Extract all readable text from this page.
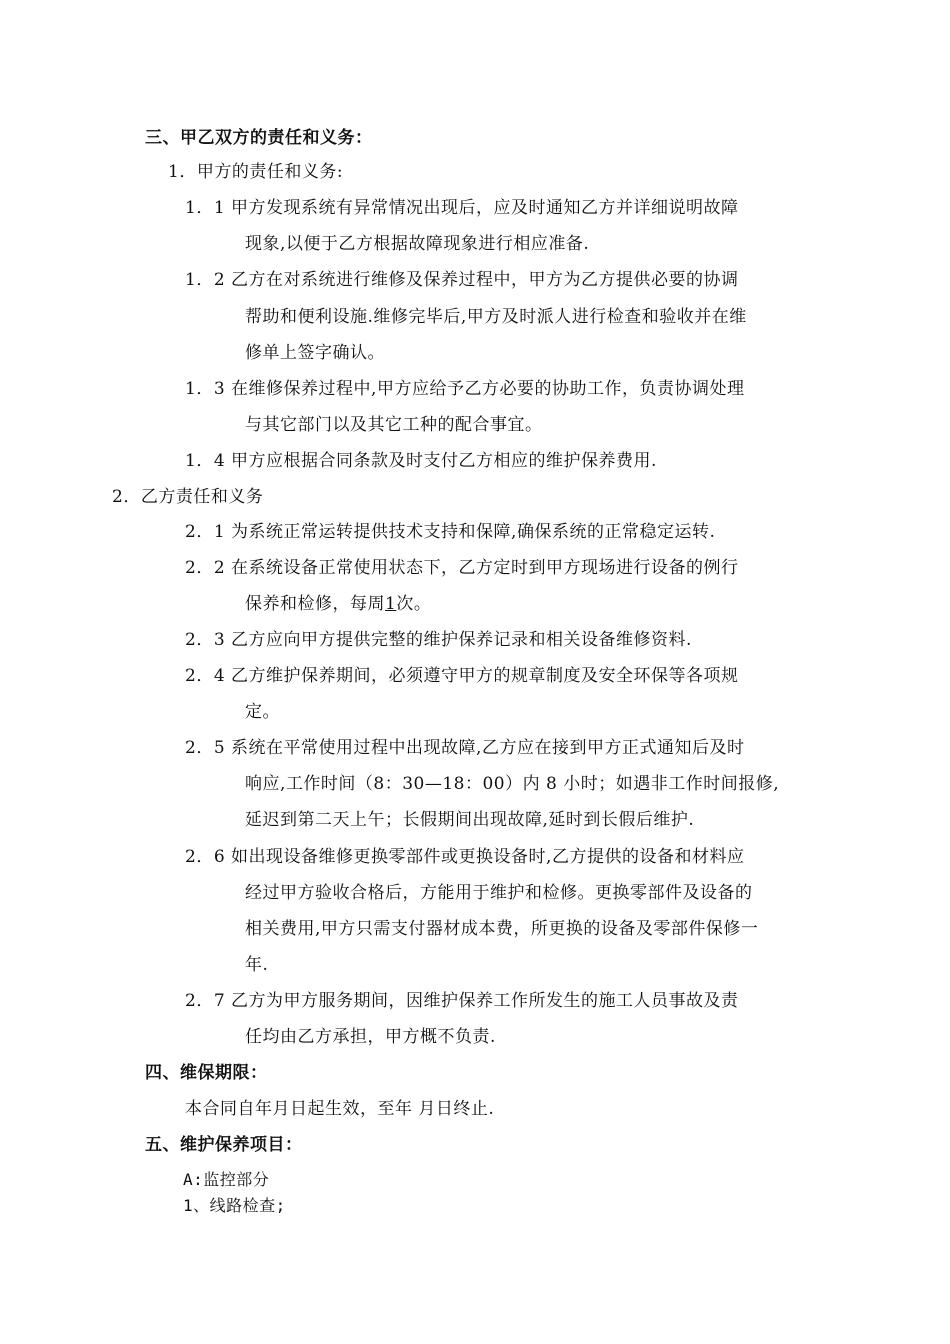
三、甲乙双方的责任和义务：
1．甲方的责任和义务:
1．1 甲方发现系统有异常情况出现后，应及时通知乙方并详细说明故障
现象,以便于乙方根据故障现象进行相应准备.
1．2 乙方在对系统进行维修及保养过程中，甲方为乙方提供必要的协调
帮助和便利设施.维修完毕后,甲方及时派人进行检查和验收并在维
修单上签字确认。
1．3 在维修保养过程中,甲方应给予乙方必要的协助工作，负责协调处理
与其它部门以及其它工种的配合事宜。
1．4 甲方应根据合同条款及时支付乙方相应的维护保养费用.
2．乙方责任和义务
2．1 为系统正常运转提供技术支持和保障,确保系统的正常稳定运转.
2．2 在系统设备正常使用状态下，乙方定时到甲方现场进行设备的例行
保养和检修，每周1次。
2．3 乙方应向甲方提供完整的维护保养记录和相关设备维修资料.
2．4 乙方维护保养期间，必须遵守甲方的规章制度及安全环保等各项规
定。
2．5 系统在平常使用过程中出现故障,乙方应在接到甲方正式通知后及时
响应,工作时间（8：30—18：00）内 8 小时；如遇非工作时间报修,
延迟到第二天上午；长假期间出现故障,延时到长假后维护.
2．6 如出现设备维修更换零部件或更换设备时,乙方提供的设备和材料应
经过甲方验收合格后，方能用于维护和检修。更换零部件及设备的
相关费用,甲方只需支付器材成本费，所更换的设备及零部件保修一
年.
2．7 乙方为甲方服务期间，因维护保养工作所发生的施工人员事故及责
任均由乙方承担，甲方概不负责.
四、维保期限：
本合同自年月日起生效，至年 月日终止.
五、维护保养项目：
A:监控部分
1、线路检查;
